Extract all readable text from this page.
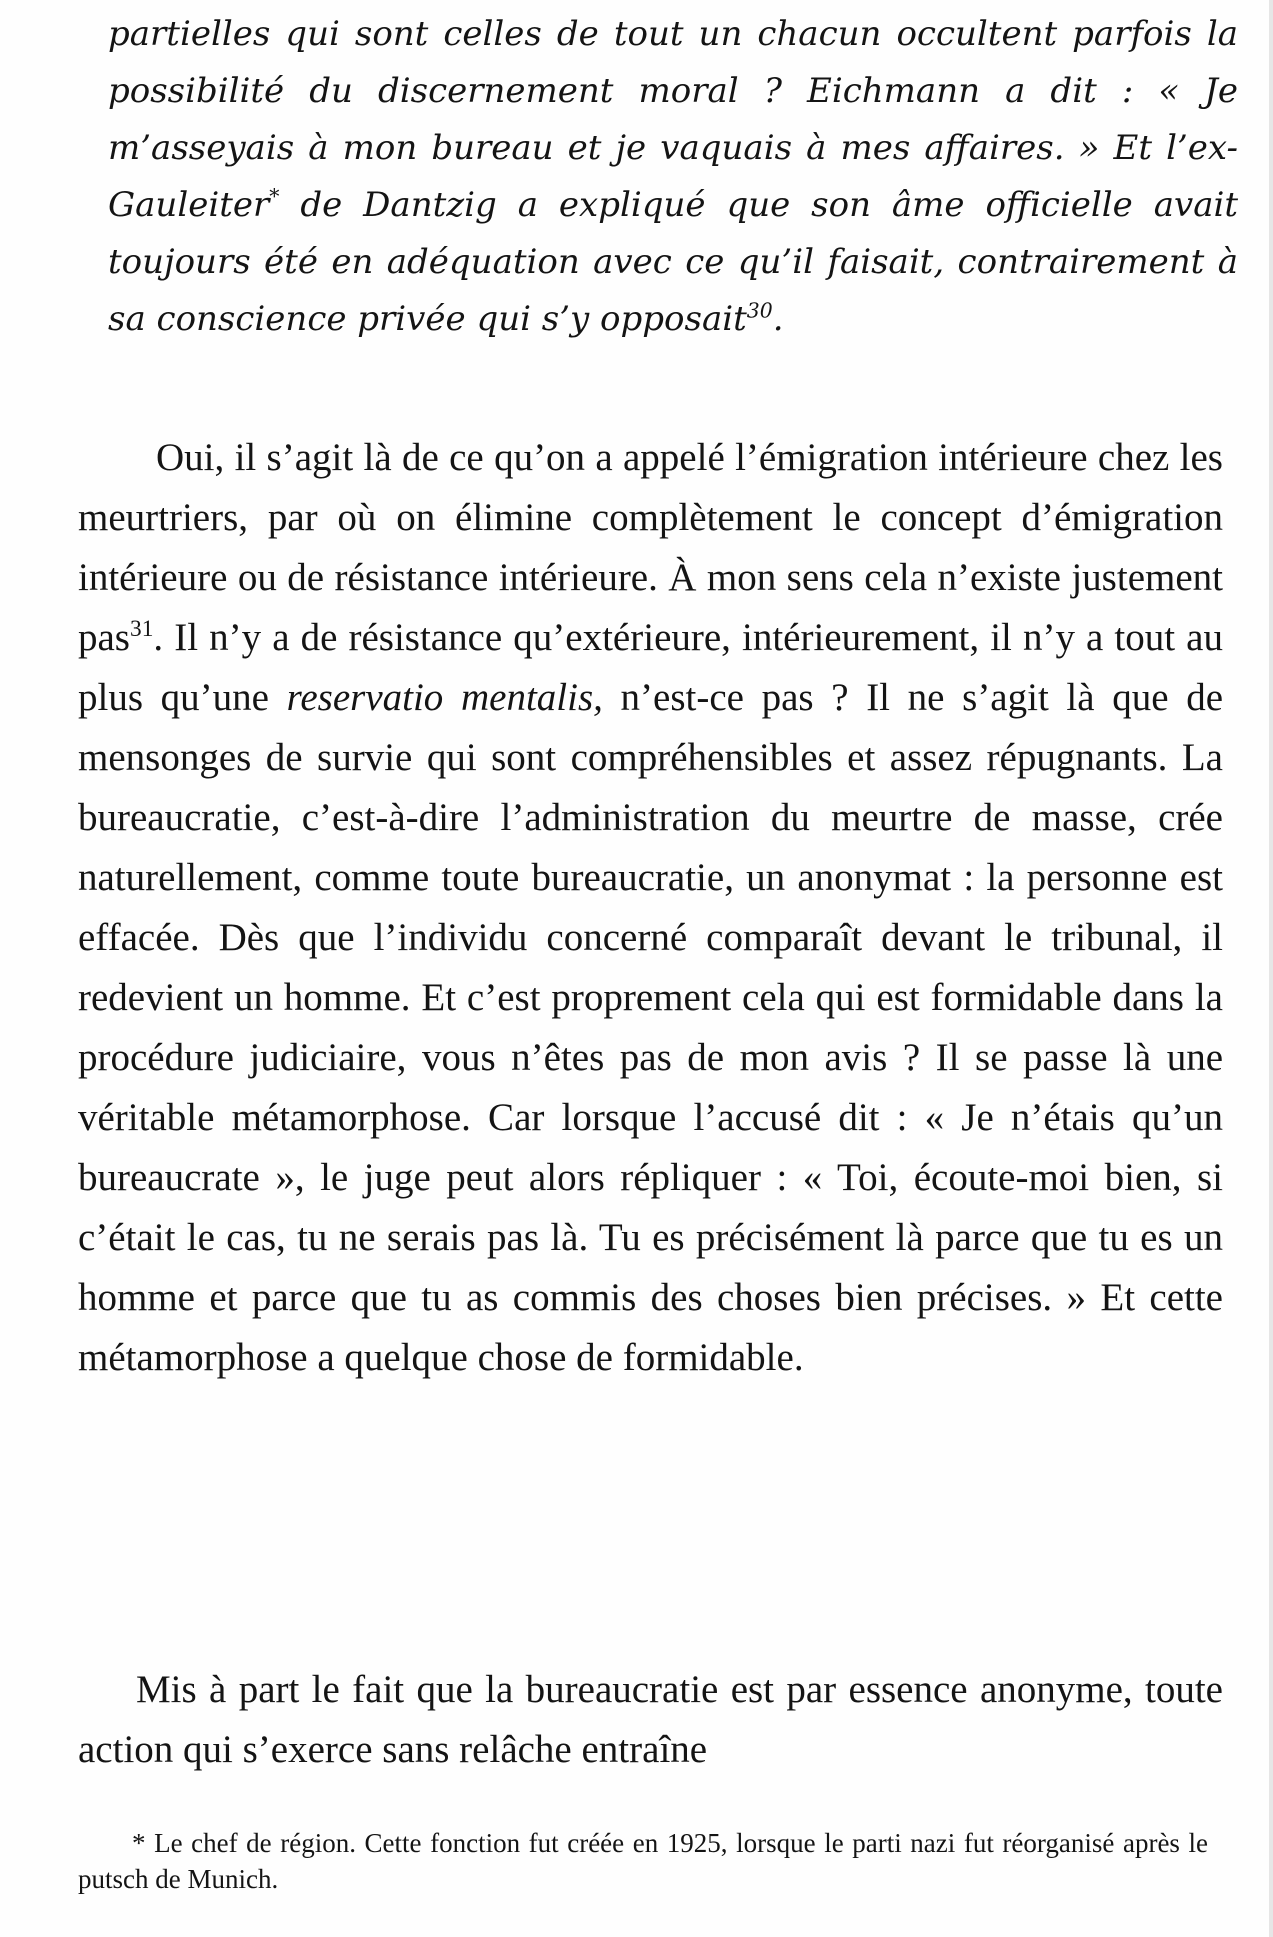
partielles qui sont celles de tout un chacun occultent parfois la possibilité du discernement moral ? Eichmann a dit : « Je m’asseyais à mon bureau et je vaquais à mes affaires. » Et l’ex-Gauleiter* de Dantzig a expliqué que son âme officielle avait toujours été en adéquation avec ce qu’il faisait, contrairement à sa conscience privée qui s’y opposait$^{30}$.

Oui, il s’agit là de ce qu’on a appelé l’émigration intérieure chez les meurtriers, par où on élimine complètement le concept d’émigration intérieure ou de résistance intérieure. À mon sens cela n’existe justement pas$^{31}$. Il n’y a de résistance qu’extérieure, intérieurement, il n’y a tout au plus qu’une reservatio mentalis, n’est-ce pas ? Il ne s’agit là que de mensonges de survie qui sont compréhensibles et assez répugnants. La bureaucratie, c’est-à-dire l’administration du meurtre de masse, crée naturellement, comme toute bureaucratie, un anonymat : la personne est effacée. Dès que l’individu concerné comparaît devant le tribunal, il redevient un homme. Et c’est proprement cela qui est formidable dans la procédure judiciaire, vous n’êtes pas de mon avis ? Il se passe là une véritable métamorphose. Car lorsque l’accusé dit : « Je n’étais qu’un bureaucrate », le juge peut alors répliquer : « Toi, écoute-moi bien, si c’était le cas, tu ne serais pas là. Tu es précisément là parce que tu es un homme et parce que tu as commis des choses bien précises. » Et cette métamorphose a quelque chose de formidable.

Mis à part le fait que la bureaucratie est par essence anonyme, toute action qui s’exerce sans relâche entraîne

* Le chef de région. Cette fonction fut créée en 1925, lorsque le parti nazi fut réorganisé après le putsch de Munich.
